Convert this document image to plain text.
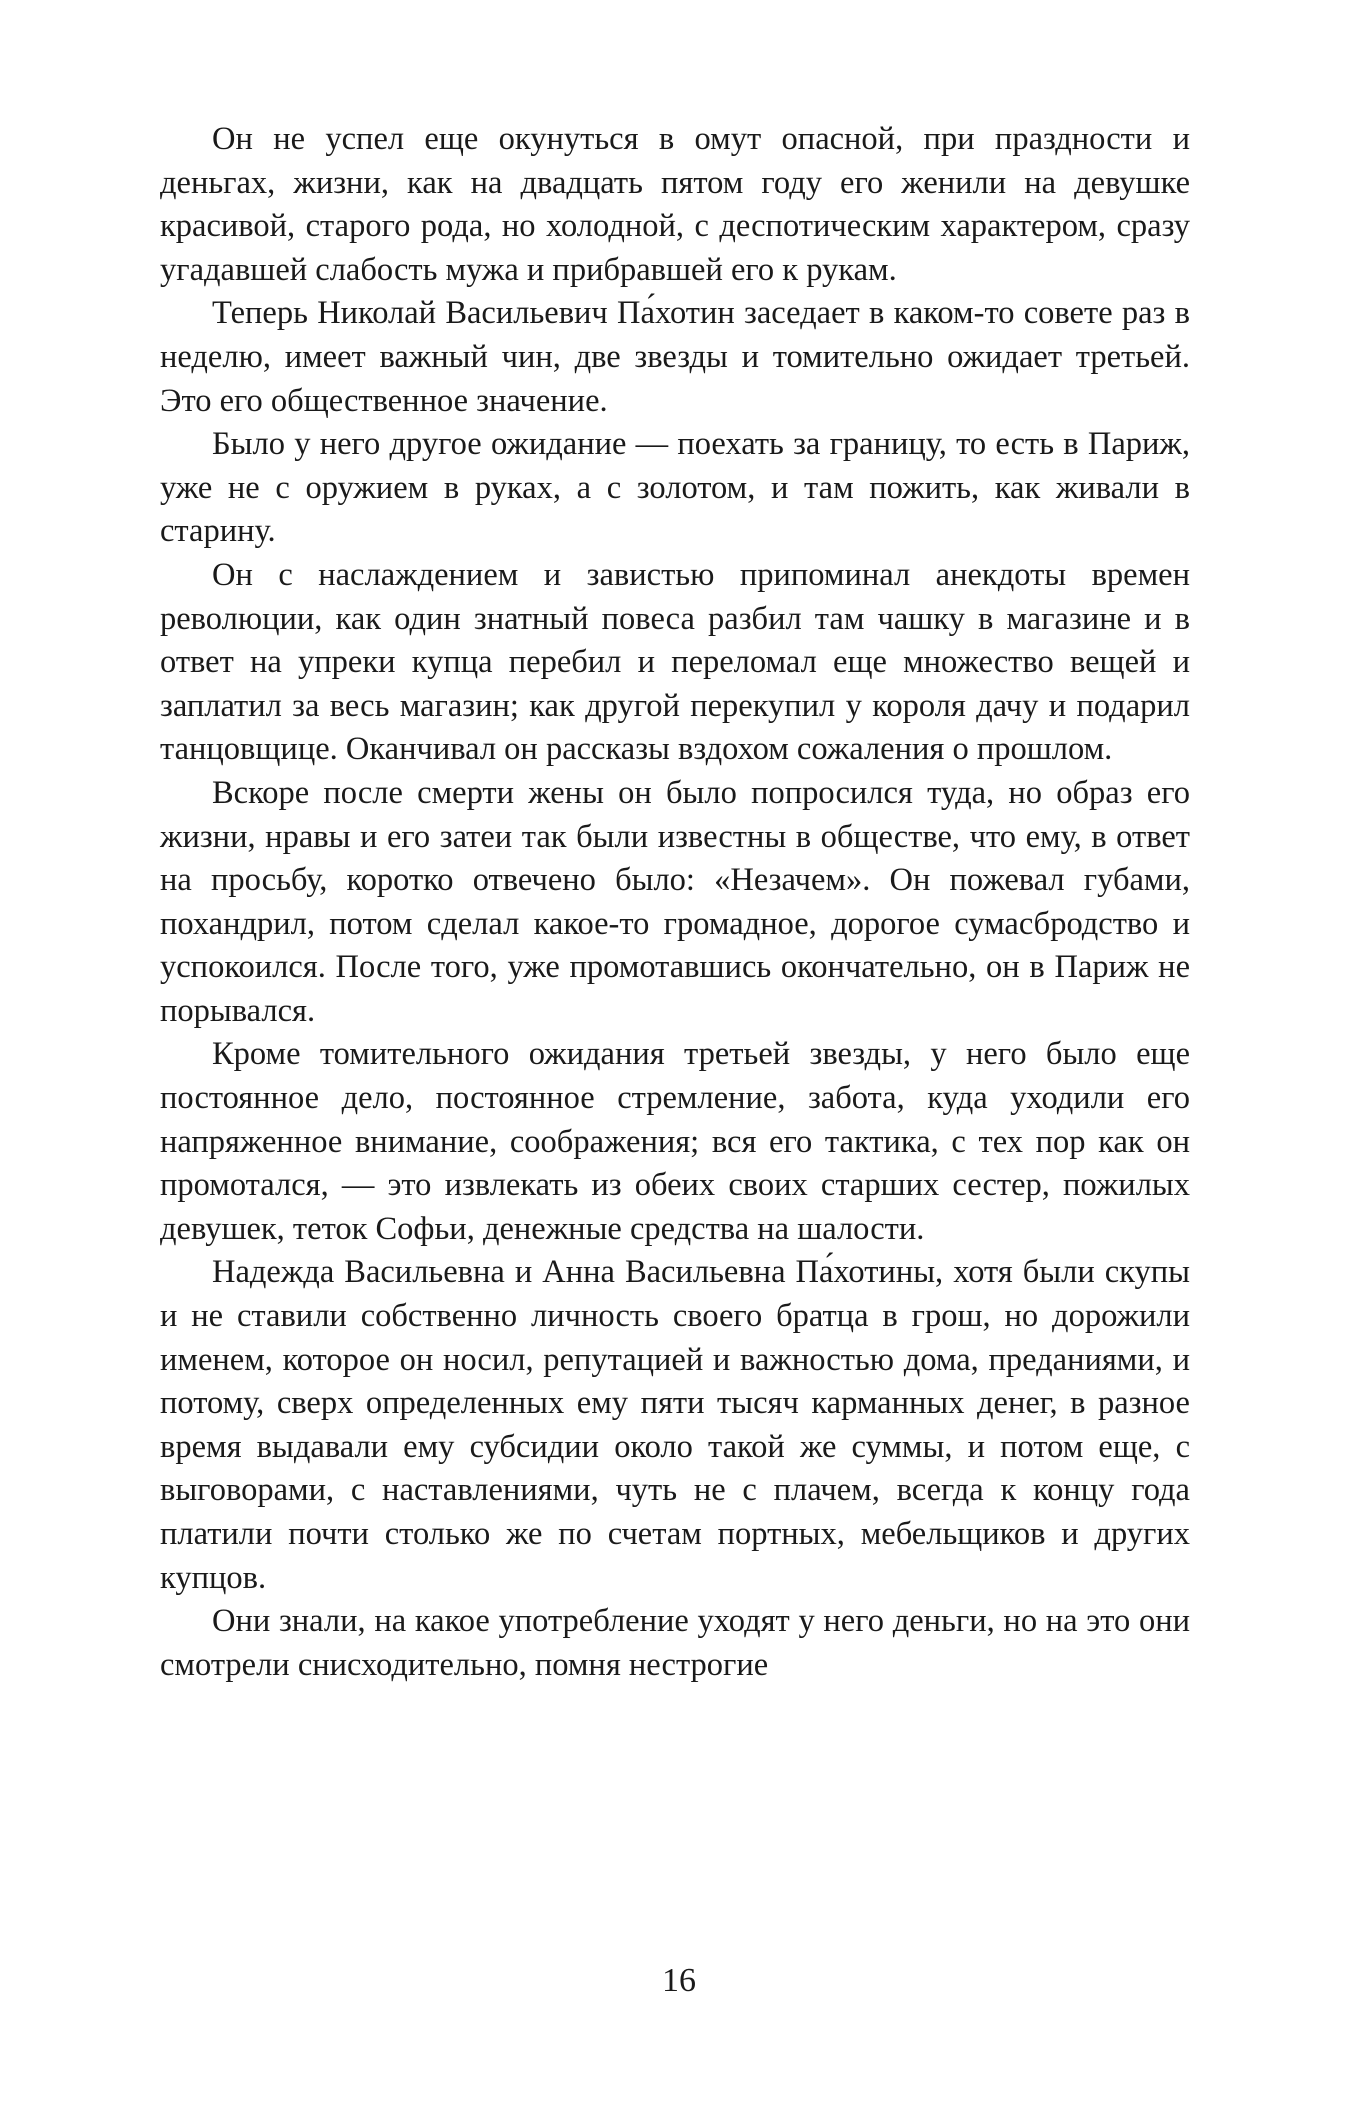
Он не успел еще окунуться в омут опасной, при праздности и деньгах, жизни, как на двадцать пятом году его женили на девушке красивой, старого рода, но холодной, с деспотическим характером, сразу угадавшей слабость мужа и прибравшей его к рукам.

Теперь Николай Васильевич Па́хотин заседает в каком-то совете раз в неделю, имеет важный чин, две звезды и томительно ожидает третьей. Это его общественное значение.

Было у него другое ожидание — поехать за границу, то есть в Париж, уже не с оружием в руках, а с золотом, и там пожить, как живали в старину.

Он с наслаждением и завистью припоминал анекдоты времен революции, как один знатный повеса разбил там чашку в магазине и в ответ на упреки купца перебил и переломал еще множество вещей и заплатил за весь магазин; как другой перекупил у короля дачу и подарил танцовщице. Оканчивал он рассказы вздохом сожаления о прошлом.

Вскоре после смерти жены он было попросился туда, но образ его жизни, нравы и его затеи так были известны в обществе, что ему, в ответ на просьбу, коротко отвечено было: «Незачем». Он пожевал губами, похандрил, потом сделал какое-то громадное, дорогое сумасбродство и успокоился. После того, уже промотавшись окончательно, он в Париж не порывался.

Кроме томительного ожидания третьей звезды, у него было еще постоянное дело, постоянное стремление, забота, куда уходили его напряженное внимание, соображения; вся его тактика, с тех пор как он промотался, — это извлекать из обеих своих старших сестер, пожилых девушек, теток Софьи, денежные средства на шалости.

Надежда Васильевна и Анна Васильевна Па́хотины, хотя были скупы и не ставили собственно личность своего братца в грош, но дорожили именем, которое он носил, репутацией и важностью дома, преданиями, и потому, сверх определенных ему пяти тысяч карманных денег, в разное время выдавали ему субсидии около такой же суммы, и потом еще, с выговорами, с наставлениями, чуть не с плачем, всегда к концу года платили почти столько же по счетам портных, мебельщиков и других купцов.

Они знали, на какое употребление уходят у него деньги, но на это они смотрели снисходительно, помня нестрогие

16
